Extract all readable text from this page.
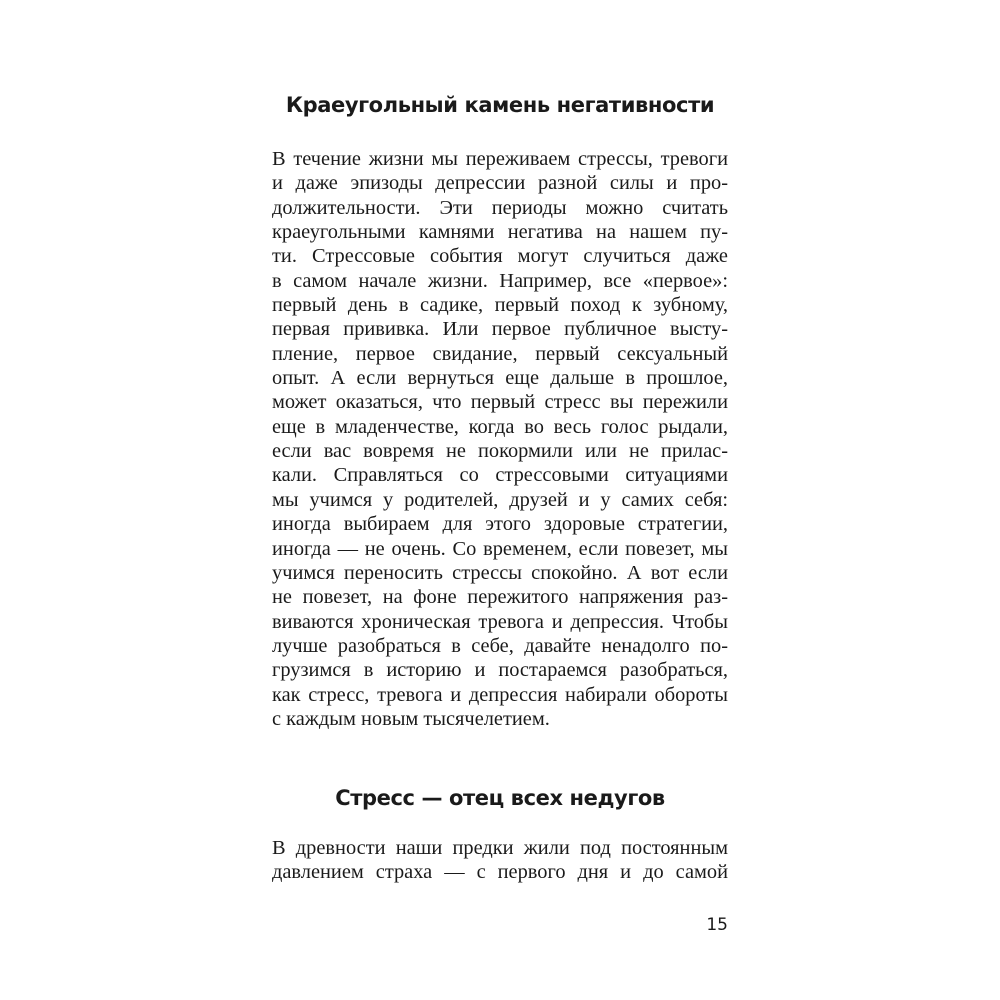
Краеугольный камень негативности

В течение жизни мы переживаем стрессы, тревоги
и даже эпизоды депрессии разной силы и про-
должительности. Эти периоды можно считать
краеугольными камнями негатива на нашем пу-
ти. Стрессовые события могут случиться даже
в самом начале жизни. Например, все «первое»:
первый день в садике, первый поход к зубному,
первая прививка. Или первое публичное высту-
пление, первое свидание, первый сексуальный
опыт. А если вернуться еще дальше в прошлое,
может оказаться, что первый стресс вы пережили
еще в младенчестве, когда во весь голос рыдали,
если вас вовремя не покормили или не прилас-
кали. Справляться со стрессовыми ситуациями
мы учимся у родителей, друзей и у самих себя:
иногда выбираем для этого здоровые стратегии,
иногда — не очень. Со временем, если повезет, мы
учимся переносить стрессы спокойно. А вот если
не повезет, на фоне пережитого напряжения раз-
виваются хроническая тревога и депрессия. Чтобы
лучше разобраться в себе, давайте ненадолго по-
грузимся в историю и постараемся разобраться,
как стресс, тревога и депрессия набирали обороты
с каждым новым тысячелетием.

Стресс — отец всех недугов

В древности наши предки жили под постоянным
давлением страха — с первого дня и до самой

15
